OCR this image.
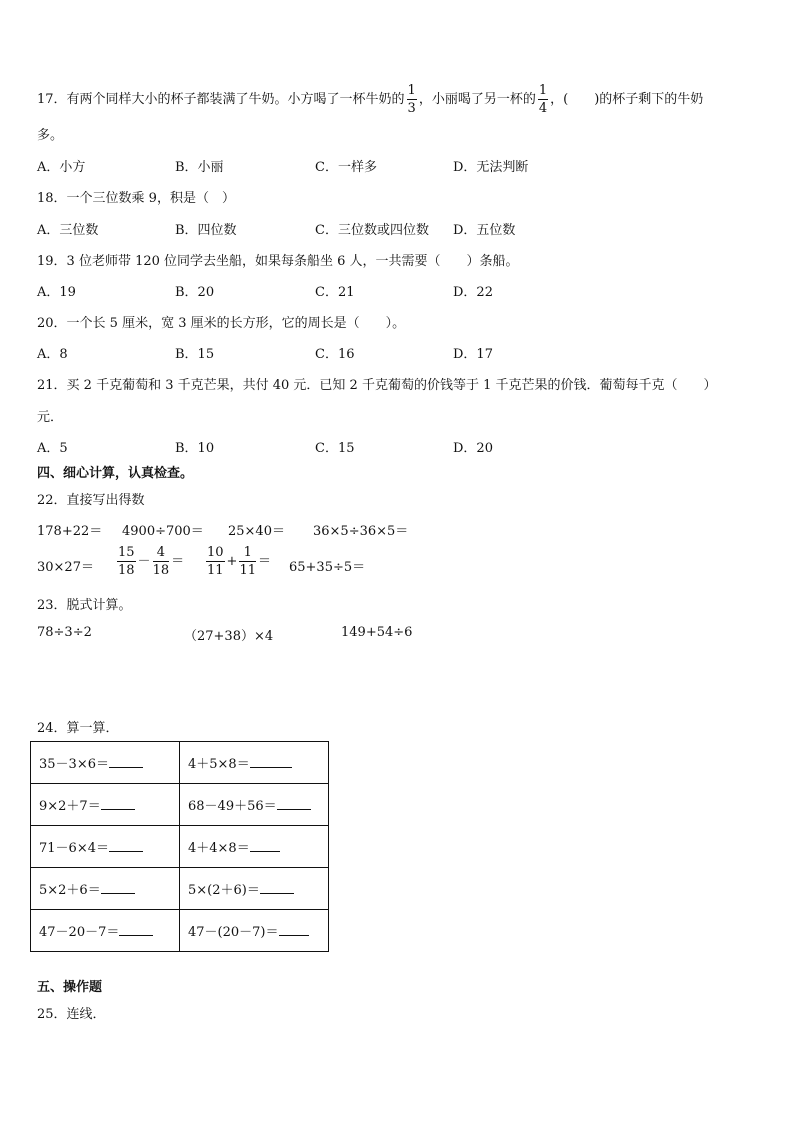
17．有两个同样大小的杯子都装满了牛奶。小方喝了一杯牛奶的 $\frac{1}{3}$ ，小丽喝了另一杯的 $\frac{1}{4}$ ，(　　)的杯子剩下的牛奶
多。
A．小方	B．小丽	C．一样多	D．无法判断
18．一个三位数乘 9，积是（　）
A．三位数	B．四位数	C．三位数或四位数 D．五位数
19．3 位老师带 120 位同学去坐船，如果每条船坐 6 人，一共需要（　　）条船。
A．19	B．20	C．21	D．22
20．一个长 5 厘米，宽 3 厘米的长方形，它的周长是（　　）。
A．8	B．15	C．16	D．17
21．买 2 千克葡萄和 3 千克芒果，共付 40 元．已知 2 千克葡萄的价钱等于 1 千克芒果的价钱．葡萄每千克（　　）
元．
A．5	B．10	C．15	D．20
四、细心计算，认真检查。
22．直接写出得数
178+22＝ 4900÷700＝ 25×40＝ 36×5÷36×5＝
$30\times 27= \frac{15}{18} - \frac{4}{18} = \frac{10}{11} + \frac{1}{11} = 65+35\div 5=$
23．脱式计算。
78÷3÷2	（27+38）×4	149+54÷6
24．算一算．
35－3×6＝	4＋5×8＝
9×2＋7＝	68－49＋56＝
71－6×4＝	4＋4×8＝
5×2＋6＝	5×(2＋6)＝
47－20－7＝	47－(20－7)＝
五、操作题
25．连线．
